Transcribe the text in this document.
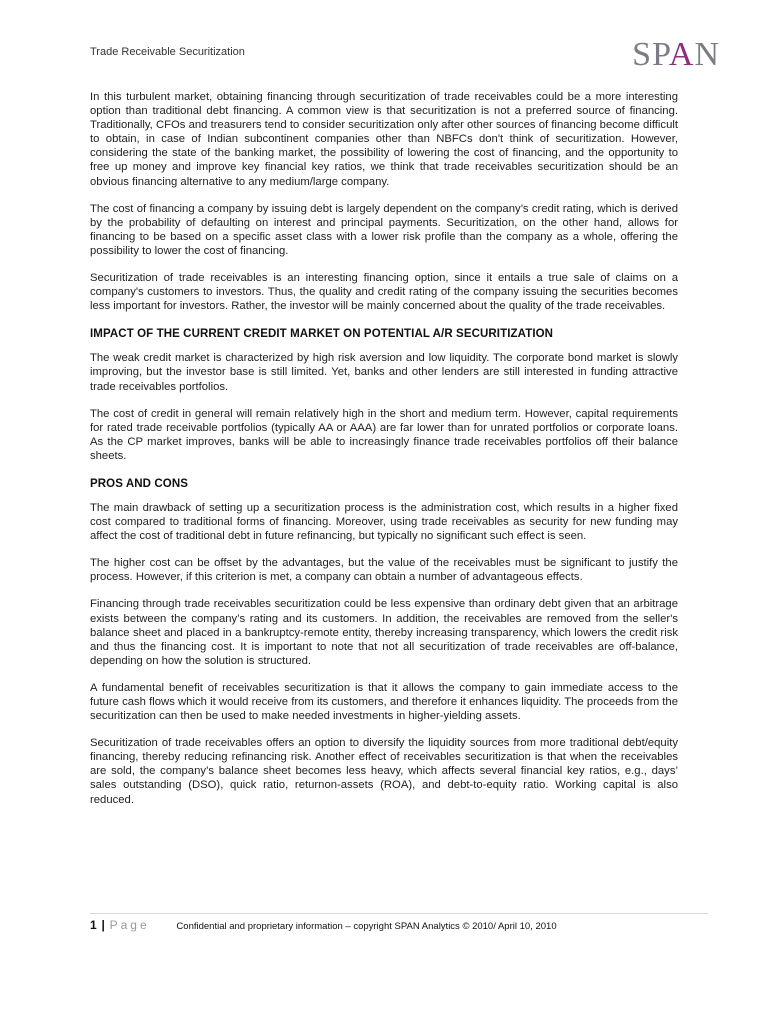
Trade Receivable Securitization	SPAN

In this turbulent market, obtaining financing through securitization of trade receivables could be a more interesting option than traditional debt financing. A common view is that securitization is not a preferred source of financing. Traditionally, CFOs and treasurers tend to consider securitization only after other sources of financing become difficult to obtain, in case of Indian subcontinent companies other than NBFCs don't think of securitization. However, considering the state of the banking market, the possibility of lowering the cost of financing, and the opportunity to free up money and improve key financial key ratios, we think that trade receivables securitization should be an obvious financing alternative to any medium/large company.

The cost of financing a company by issuing debt is largely dependent on the company’s credit rating, which is derived by the probability of defaulting on interest and principal payments. Securitization, on the other hand, allows for financing to be based on a specific asset class with a lower risk profile than the company as a whole, offering the possibility to lower the cost of financing.

Securitization of trade receivables is an interesting financing option, since it entails a true sale of claims on a company's customers to investors. Thus, the quality and credit rating of the company issuing the securities becomes less important for investors. Rather, the investor will be mainly concerned about the quality of the trade receivables.

IMPACT OF THE CURRENT CREDIT MARKET ON POTENTIAL A/R SECURITIZATION

The weak credit market is characterized by high risk aversion and low liquidity. The corporate bond market is slowly improving, but the investor base is still limited. Yet, banks and other lenders are still interested in funding attractive trade receivables portfolios.

The cost of credit in general will remain relatively high in the short and medium term. However, capital requirements for rated trade receivable portfolios (typically AA or AAA) are far lower than for unrated portfolios or corporate loans. As the CP market improves, banks will be able to increasingly finance trade receivables portfolios off their balance sheets.

PROS AND CONS

The main drawback of setting up a securitization process is the administration cost, which results in a higher fixed cost compared to traditional forms of financing. Moreover, using trade receivables as security for new funding may affect the cost of traditional debt in future refinancing, but typically no significant such effect is seen.

The higher cost can be offset by the advantages, but the value of the receivables must be significant to justify the process. However, if this criterion is met, a company can obtain a number of advantageous effects.

Financing through trade receivables securitization could be less expensive than ordinary debt given that an arbitrage exists between the company’s rating and its customers. In addition, the receivables are removed from the seller's balance sheet and placed in a bankruptcy-remote entity, thereby increasing transparency, which lowers the credit risk and thus the financing cost. It is important to note that not all securitization of trade receivables are off-balance, depending on how the solution is structured.

A fundamental benefit of receivables securitization is that it allows the company to gain immediate access to the future cash flows which it would receive from its customers, and therefore it enhances liquidity. The proceeds from the securitization can then be used to make needed investments in higher-yielding assets.

Securitization of trade receivables offers an option to diversify the liquidity sources from more traditional debt/equity financing, thereby reducing refinancing risk. Another effect of receivables securitization is that when the receivables are sold, the company’s balance sheet becomes less heavy, which affects several financial key ratios, e.g., days’ sales outstanding (DSO), quick ratio, returnon-assets (ROA), and debt-to-equity ratio. Working capital is also reduced.

1 | Page	Confidential and proprietary information – copyright SPAN Analytics © 2010/ April 10, 2010
